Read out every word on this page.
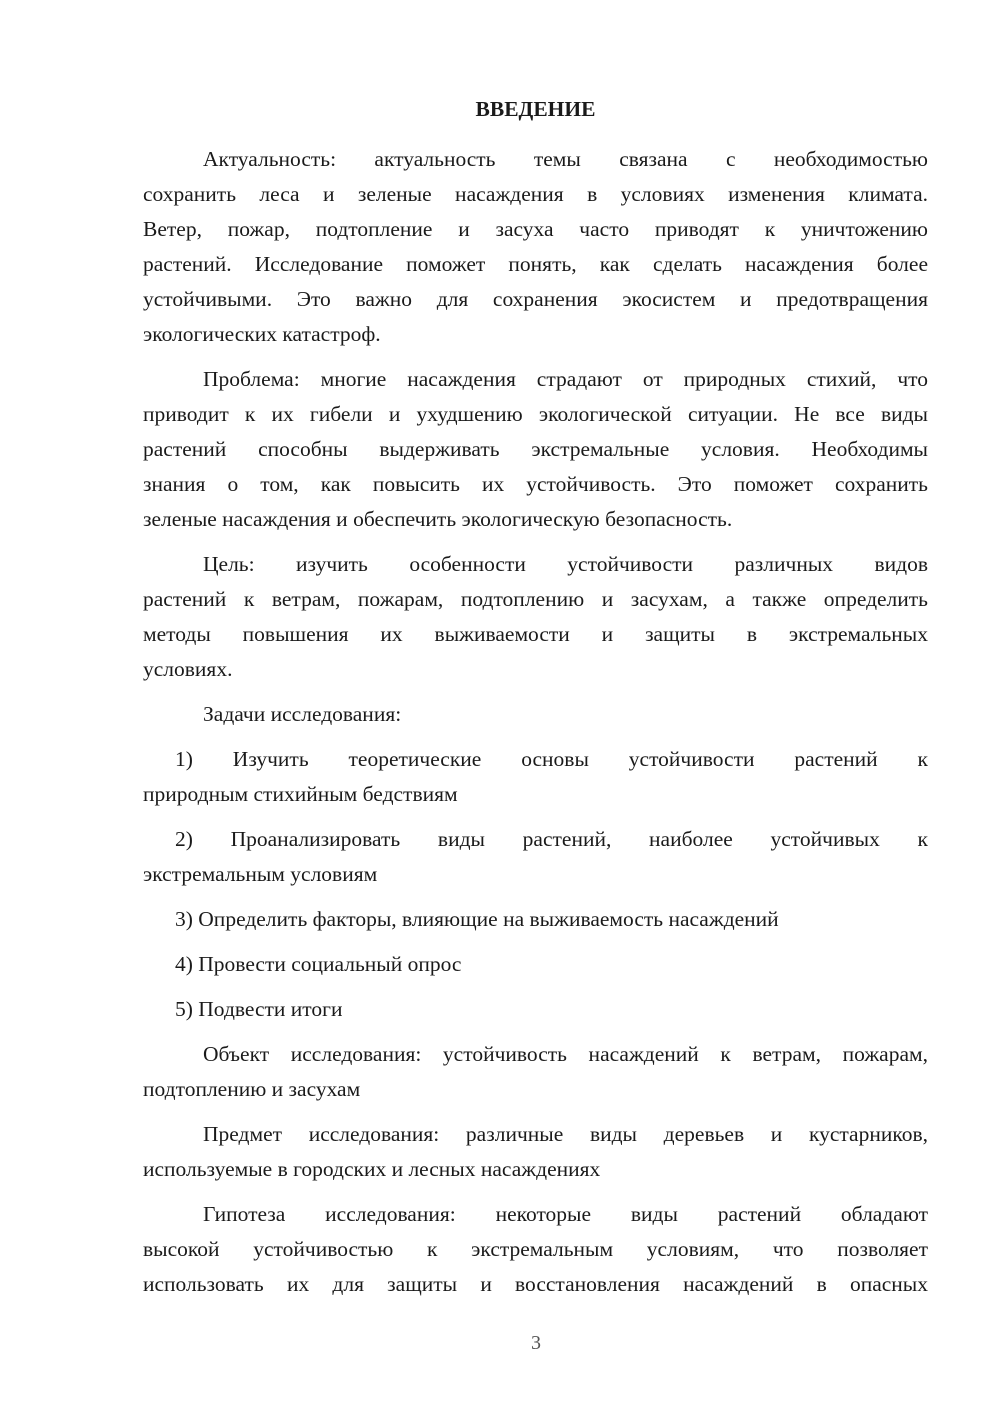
ВВЕДЕНИЕ
Актуальность: актуальность темы связана с необходимостью
сохранить леса и зеленые насаждения в условиях изменения климата.
Ветер, пожар, подтопление и засуха часто приводят к уничтожению
растений. Исследование поможет понять, как сделать насаждения более
устойчивыми. Это важно для сохранения экосистем и предотвращения
экологических катастроф.
Проблема: многие насаждения страдают от природных стихий, что
приводит к их гибели и ухудшению экологической ситуации. Не все виды
растений способны выдерживать экстремальные условия. Необходимы
знания о том, как повысить их устойчивость. Это поможет сохранить
зеленые насаждения и обеспечить экологическую безопасность.
Цель: изучить особенности устойчивости различных видов
растений к ветрам, пожарам, подтоплению и засухам, а также определить
методы повышения их выживаемости и защиты в экстремальных
условиях.
Задачи исследования:
1) Изучить теоретические основы устойчивости растений к
природным стихийным бедствиям
2) Проанализировать виды растений, наиболее устойчивых к
экстремальным условиям
3) Определить факторы, влияющие на выживаемость насаждений
4) Провести социальный опрос
5) Подвести итоги
Объект исследования: устойчивость насаждений к ветрам, пожарам,
подтоплению и засухам
Предмет исследования: различные виды деревьев и кустарников,
используемые в городских и лесных насаждениях
Гипотеза исследования: некоторые виды растений обладают
высокой устойчивостью к экстремальным условиям, что позволяет
использовать их для защиты и восстановления насаждений в опасных
3
